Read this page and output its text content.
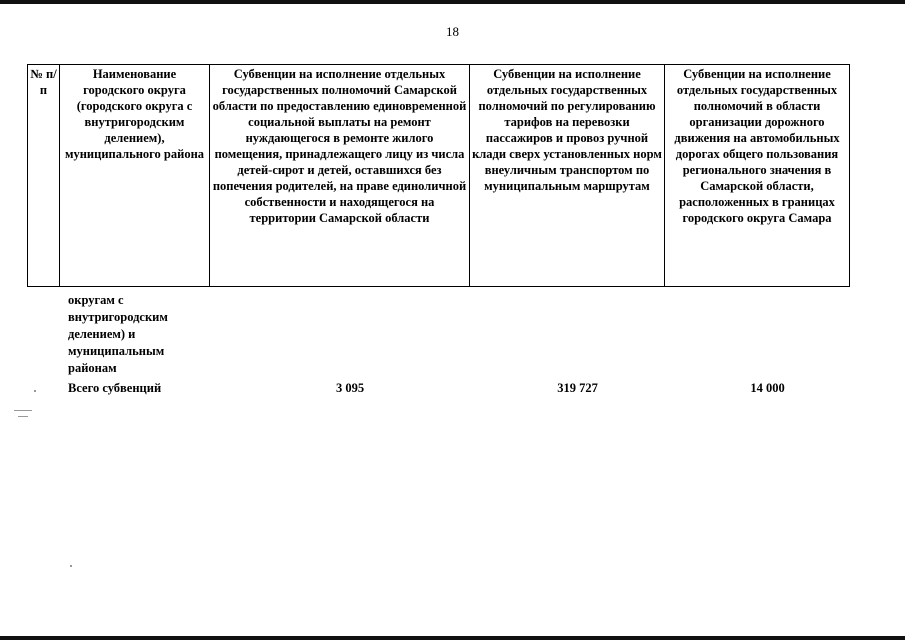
18
№ п/п	Наименование городского округа (городского округа с внутригородским делением), муниципального района	Субвенции на исполнение отдельных государственных полномочий Самарской области по предоставлению единовременной социальной выплаты на ремонт нуждающегося в ремонте жилого помещения, принадлежащего лицу из числа детей-сирот и детей, оставшихся без попечения родителей, на праве единоличной собственности и находящегося на территории Самарской области	Субвенции на исполнение отдельных государственных полномочий по регулированию тарифов на перевозки пассажиров и провоз ручной клади сверх установленных норм внеуличным транспортом по муниципальным маршрутам	Субвенции на исполнение отдельных государственных полномочий в области организации дорожного движения на автомобильных дорогах общего пользования регионального значения в Самарской области, расположенных в границах городского округа Самара
округам с
внутригородским
делением) и
муниципальным
районам
Всего субвенций	3 095	319 727	14 000
